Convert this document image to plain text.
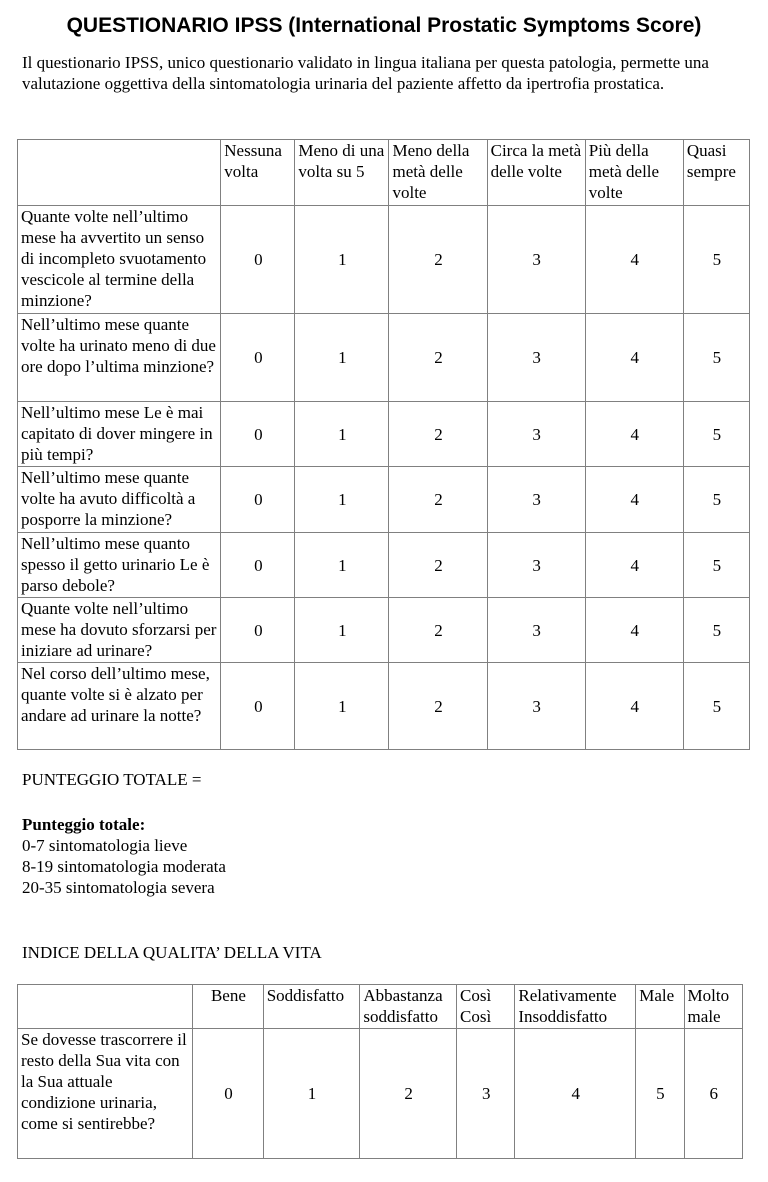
QUESTIONARIO IPSS (International Prostatic Symptoms Score)
Il questionario IPSS, unico questionario validato in lingua italiana per questa patologia, permette una valutazione oggettiva della sintomatologia urinaria del paziente affetto da ipertrofia prostatica.
	Nessuna volta	Meno di una volta su 5	Meno della metà delle volte	Circa la metà delle volte	Più della metà delle volte	Quasi sempre
Quante volte nell’ultimo mese ha avvertito un senso di incompleto svuotamento vescicole al termine della minzione?	0	1	2	3	4	5
Nell’ultimo mese quante volte ha urinato meno di due ore dopo l’ultima minzione?	0	1	2	3	4	5
Nell’ultimo mese Le è mai capitato di dover mingere in più tempi?	0	1	2	3	4	5
Nell’ultimo mese quante volte ha avuto difficoltà a posporre la minzione?	0	1	2	3	4	5
Nell’ultimo mese quanto spesso il getto urinario Le è parso debole?	0	1	2	3	4	5
Quante volte nell’ultimo mese ha dovuto sforzarsi per iniziare ad urinare?	0	1	2	3	4	5
Nel corso dell’ultimo mese, quante volte si è alzato per andare ad urinare la notte?	0	1	2	3	4	5
PUNTEGGIO TOTALE =
Punteggio totale:
0-7 sintomatologia lieve
8-19 sintomatologia moderata
20-35 sintomatologia severa
INDICE DELLA QUALITA’ DELLA VITA
	Bene	Soddisfatto	Abbastanza soddisfatto	Così Così	Relativamente Insoddisfatto	Male	Molto male
Se dovesse trascorrere il resto della Sua vita con la Sua attuale condizione urinaria, come si sentirebbe?	0	1	2	3	4	5	6
